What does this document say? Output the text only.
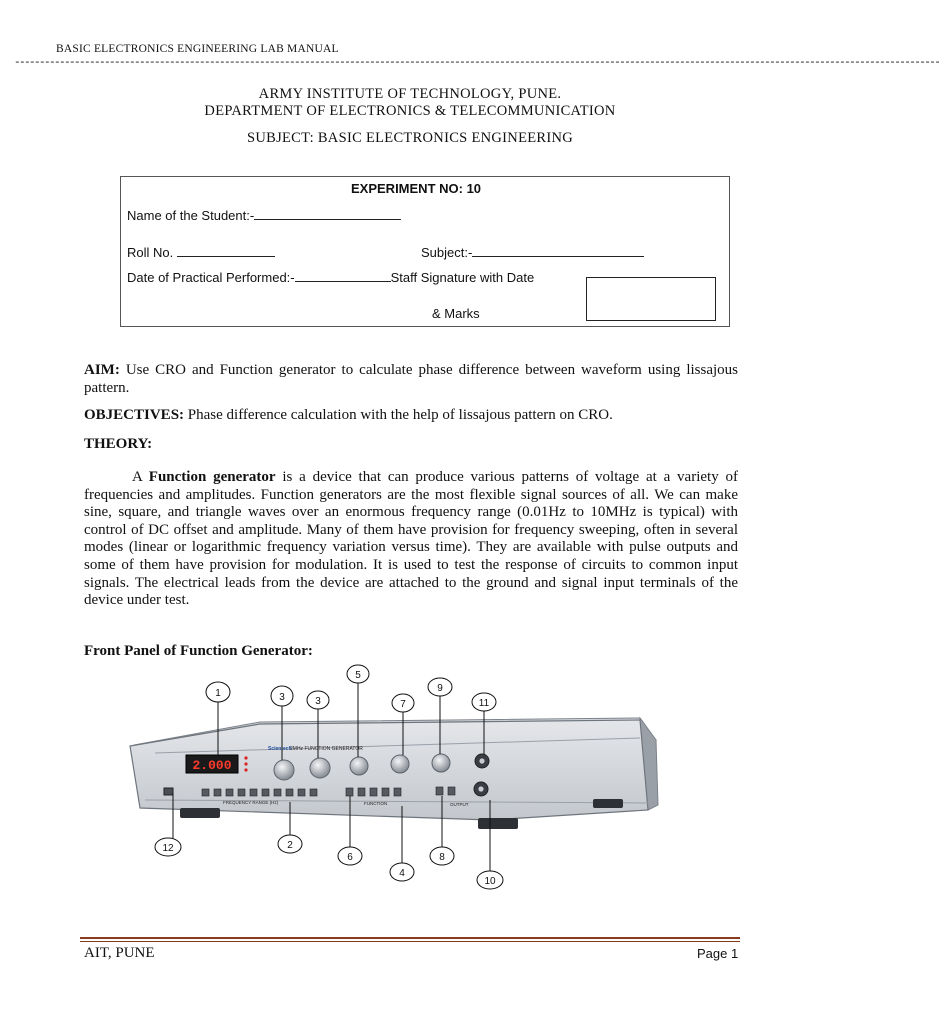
BASIC ELECTRONICS ENGINEERING LAB MANUAL
-----------------------------------------------------------------------------------------------------------------------------------------------------------------------------------------
ARMY INSTITUTE OF TECHNOLOGY, PUNE.
DEPARTMENT OF ELECTRONICS & TELECOMMUNICATION
SUBJECT: BASIC ELECTRONICS ENGINEERING
EXPERIMENT NO: 10
Name of the Student:-
Roll No.	Subject:-
Date of Practical Performed:-	Staff Signature with Date
& Marks
AIM: Use CRO and Function generator to calculate phase difference between waveform using lissajous pattern.
OBJECTIVES: Phase difference calculation with the help of lissajous pattern on CRO.
THEORY:
A Function generator is a device that can produce various patterns of voltage at a variety of frequencies and amplitudes. Function generators are the most flexible signal sources of all. We can make sine, square, and triangle waves over an enormous frequency range (0.01Hz to 10MHz is typical) with control of DC offset and amplitude. Many of them have provision for frequency sweeping, often in several modes (linear or logarithmic frequency variation versus time). They are available with pulse outputs and some of them have provision for modulation. It is used to test the response of circuits to common input signals. The electrical leads from the device are attached to the ground and signal input terminals of the device under test.
Front Panel of Function Generator:
Scientech
2MHz FUNCTION GENERATOR
2.000
FREQUENCY RANGE (Hz)	FUNCTION	OUTPUT
1
2
3	3
4
5
6
7
8
9
10
11
12
AIT, PUNE	Page 1
